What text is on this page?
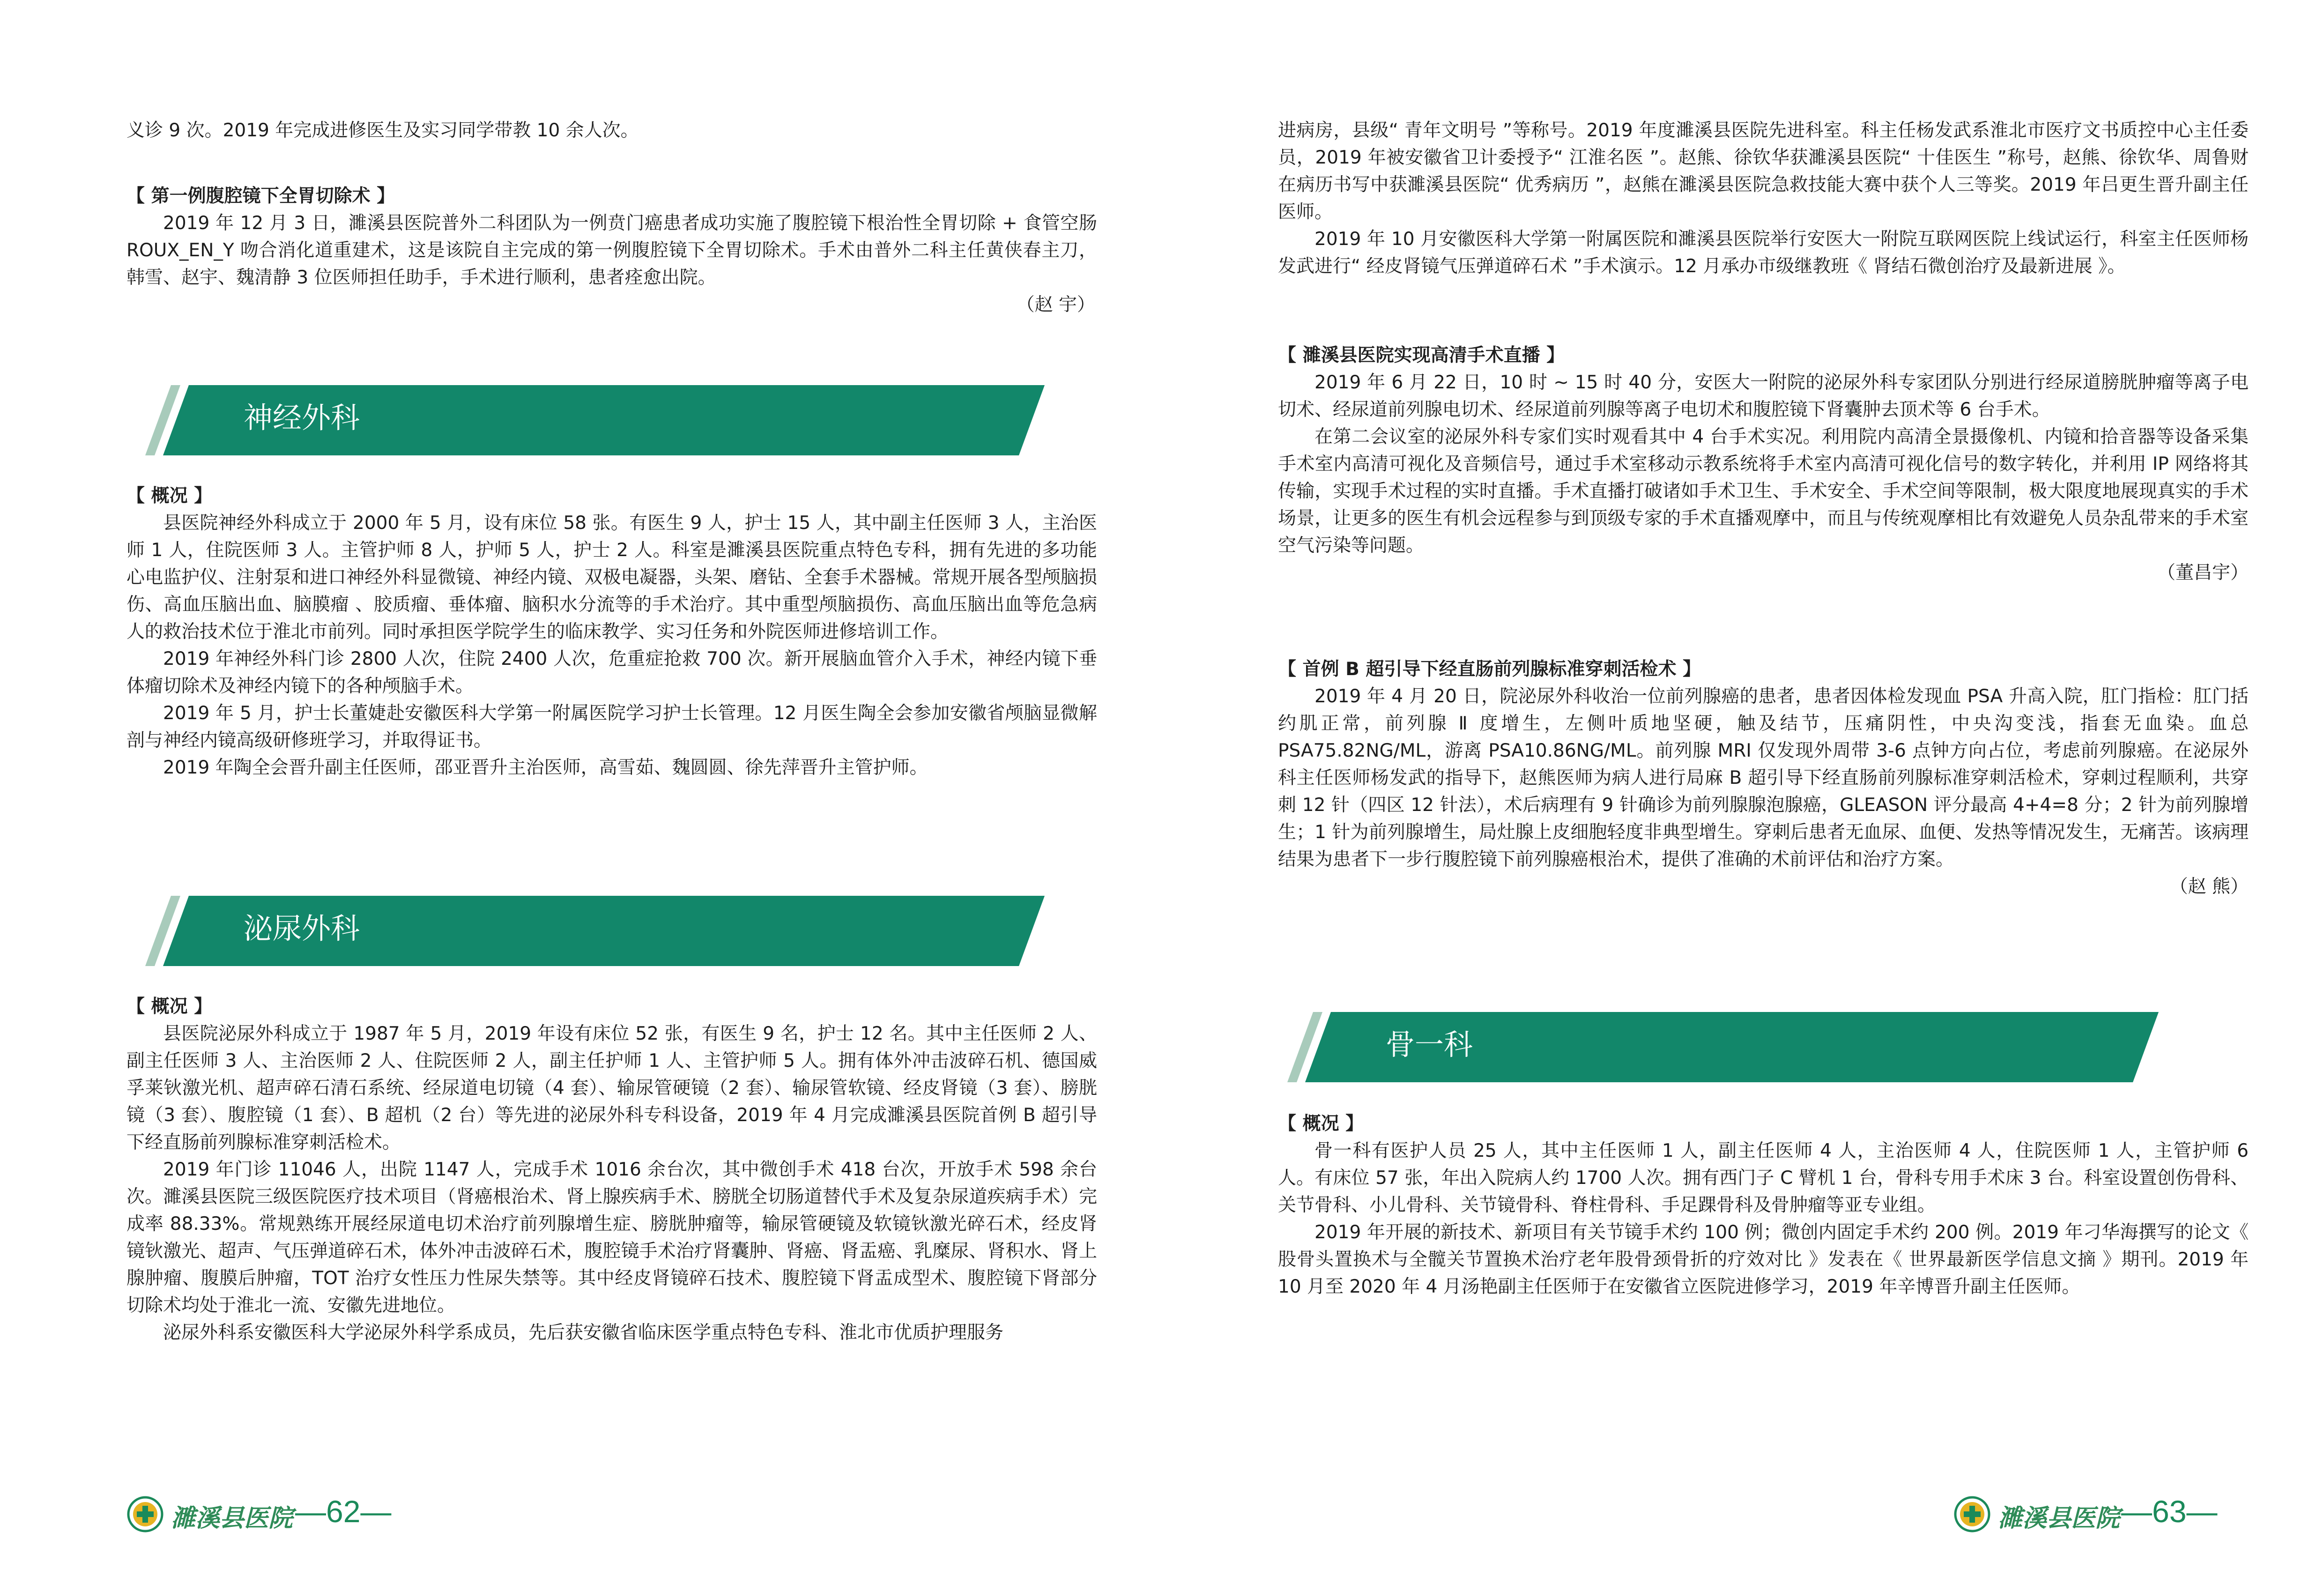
义诊 9 次。2019 年完成进修医生及实习同学带教 10 余人次。

【 第一例腹腔镜下全胃切除术 】

2019 年 12 月 3 日，濉溪县医院普外二科团队为一例贲门癌患者成功实施了腹腔镜下根治性全胃切除 + 食管空肠 ROUX_EN_Y 吻合消化道重建术，这是该院自主完成的第一例腹腔镜下全胃切除术。手术由普外二科主任黄侠春主刀，韩雪、赵宇、魏清静 3 位医师担任助手，手术进行顺利，患者痊愈出院。

（赵 宇）

神经外科

【 概况 】

县医院神经外科成立于 2000 年 5 月，设有床位 58 张。有医生 9 人，护士 15 人，其中副主任医师 3 人，主治医师 1 人，住院医师 3 人。主管护师 8 人，护师 5 人，护士 2 人。科室是濉溪县医院重点特色专科，拥有先进的多功能心电监护仪、注射泵和进口神经外科显微镜、神经内镜、双极电凝器，头架、磨钻、全套手术器械。常规开展各型颅脑损伤、高血压脑出血、脑膜瘤 、胶质瘤、垂体瘤、脑积水分流等的手术治疗。其中重型颅脑损伤、高血压脑出血等危急病人的救治技术位于淮北市前列。同时承担医学院学生的临床教学、实习任务和外院医师进修培训工作。

2019 年神经外科门诊 2800 人次，住院 2400 人次，危重症抢救 700 次。新开展脑血管介入手术，神经内镜下垂体瘤切除术及神经内镜下的各种颅脑手术。

2019 年 5 月，护士长董婕赴安徽医科大学第一附属医院学习护士长管理。12 月医生陶全会参加安徽省颅脑显微解剖与神经内镜高级研修班学习，并取得证书。

2019 年陶全会晋升副主任医师，邵亚晋升主治医师，高雪茹、魏圆圆、徐先萍晋升主管护师。

泌尿外科

【 概况 】

县医院泌尿外科成立于 1987 年 5 月，2019 年设有床位 52 张，有医生 9 名，护士 12 名。其中主任医师 2 人、副主任医师 3 人、主治医师 2 人、住院医师 2 人，副主任护师 1 人、主管护师 5 人。拥有体外冲击波碎石机、德国威孚莱钬激光机、超声碎石清石系统、经尿道电切镜（4 套）、输尿管硬镜（2 套）、输尿管软镜、经皮肾镜（3 套）、膀胱镜（3 套）、腹腔镜（1 套）、B 超机（2 台）等先进的泌尿外科专科设备，2019 年 4 月完成濉溪县医院首例 B 超引导下经直肠前列腺标准穿刺活检术。

2019 年门诊 11046 人，出院 1147 人，完成手术 1016 余台次，其中微创手术 418 台次，开放手术 598 余台次。濉溪县医院三级医院医疗技术项目（肾癌根治术、肾上腺疾病手术、膀胱全切肠道替代手术及复杂尿道疾病手术）完成率 88.33%。常规熟练开展经尿道电切术治疗前列腺增生症、膀胱肿瘤等，输尿管硬镜及软镜钬激光碎石术，经皮肾镜钬激光、超声、气压弹道碎石术，体外冲击波碎石术，腹腔镜手术治疗肾囊肿、肾癌、肾盂癌、乳糜尿、肾积水、肾上腺肿瘤、腹膜后肿瘤，TOT 治疗女性压力性尿失禁等。其中经皮肾镜碎石技术、腹腔镜下肾盂成型术、腹腔镜下肾部分切除术均处于淮北一流、安徽先进地位。

泌尿外科系安徽医科大学泌尿外科学系成员，先后获安徽省临床医学重点特色专科、淮北市优质护理服务

濉溪县医院 —62—

进病房，县级“ 青年文明号 ”等称号。2019 年度濉溪县医院先进科室。科主任杨发武系淮北市医疗文书质控中心主任委员，2019 年被安徽省卫计委授予“ 江淮名医 ”。赵熊、徐钦华获濉溪县医院“ 十佳医生 ”称号，赵熊、徐钦华、周鲁财在病历书写中获濉溪县医院“ 优秀病历 ”，赵熊在濉溪县医院急救技能大赛中获个人三等奖。2019 年吕更生晋升副主任医师。

2019 年 10 月安徽医科大学第一附属医院和濉溪县医院举行安医大一附院互联网医院上线试运行，科室主任医师杨发武进行“ 经皮肾镜气压弹道碎石术 ”手术演示。12 月承办市级继教班《 肾结石微创治疗及最新进展 》。

【 濉溪县医院实现高清手术直播 】

2019 年 6 月 22 日，10 时 ~ 15 时 40 分，安医大一附院的泌尿外科专家团队分别进行经尿道膀胱肿瘤等离子电切术、经尿道前列腺电切术、经尿道前列腺等离子电切术和腹腔镜下肾囊肿去顶术等 6 台手术。

在第二会议室的泌尿外科专家们实时观看其中 4 台手术实况。利用院内高清全景摄像机、内镜和拾音器等设备采集手术室内高清可视化及音频信号，通过手术室移动示教系统将手术室内高清可视化信号的数字转化，并利用 IP 网络将其传输，实现手术过程的实时直播。手术直播打破诸如手术卫生、手术安全、手术空间等限制，极大限度地展现真实的手术场景，让更多的医生有机会远程参与到顶级专家的手术直播观摩中，而且与传统观摩相比有效避免人员杂乱带来的手术室空气污染等问题。

（董昌宇）

【 首例 B 超引导下经直肠前列腺标准穿刺活检术 】

2019 年 4 月 20 日，院泌尿外科收治一位前列腺癌的患者，患者因体检发现血 PSA 升高入院，肛门指检：肛门括约肌正常，前列腺 Ⅱ 度增生，左侧叶质地坚硬，触及结节，压痛阴性，中央沟变浅，指套无血染。血总 PSA75.82NG/ML，游离 PSA10.86NG/ML。前列腺 MRI 仅发现外周带 3-6 点钟方向占位，考虑前列腺癌。在泌尿外科主任医师杨发武的指导下，赵熊医师为病人进行局麻 B 超引导下经直肠前列腺标准穿刺活检术，穿刺过程顺利，共穿刺 12 针（四区 12 针法），术后病理有 9 针确诊为前列腺腺泡腺癌，GLEASON 评分最高 4+4=8 分；2 针为前列腺增生；1 针为前列腺增生，局灶腺上皮细胞轻度非典型增生。穿刺后患者无血尿、血便、发热等情况发生，无痛苦。该病理结果为患者下一步行腹腔镜下前列腺癌根治术，提供了准确的术前评估和治疗方案。

（赵 熊）

骨一科

【 概况 】

骨一科有医护人员 25 人，其中主任医师 1 人，副主任医师 4 人，主治医师 4 人，住院医师 1 人，主管护师 6 人。有床位 57 张，年出入院病人约 1700 人次。拥有西门子 C 臂机 1 台，骨科专用手术床 3 台。科室设置创伤骨科、关节骨科、小儿骨科、关节镜骨科、脊柱骨科、手足踝骨科及骨肿瘤等亚专业组。

2019 年开展的新技术、新项目有关节镜手术约 100 例；微创内固定手术约 200 例。2019 年刁华海撰写的论文《 股骨头置换术与全髋关节置换术治疗老年股骨颈骨折的疗效对比 》发表在《 世界最新医学信息文摘 》期刊。2019 年 10 月至 2020 年 4 月汤艳副主任医师于在安徽省立医院进修学习，2019 年辛博晋升副主任医师。

濉溪县医院 —63—
